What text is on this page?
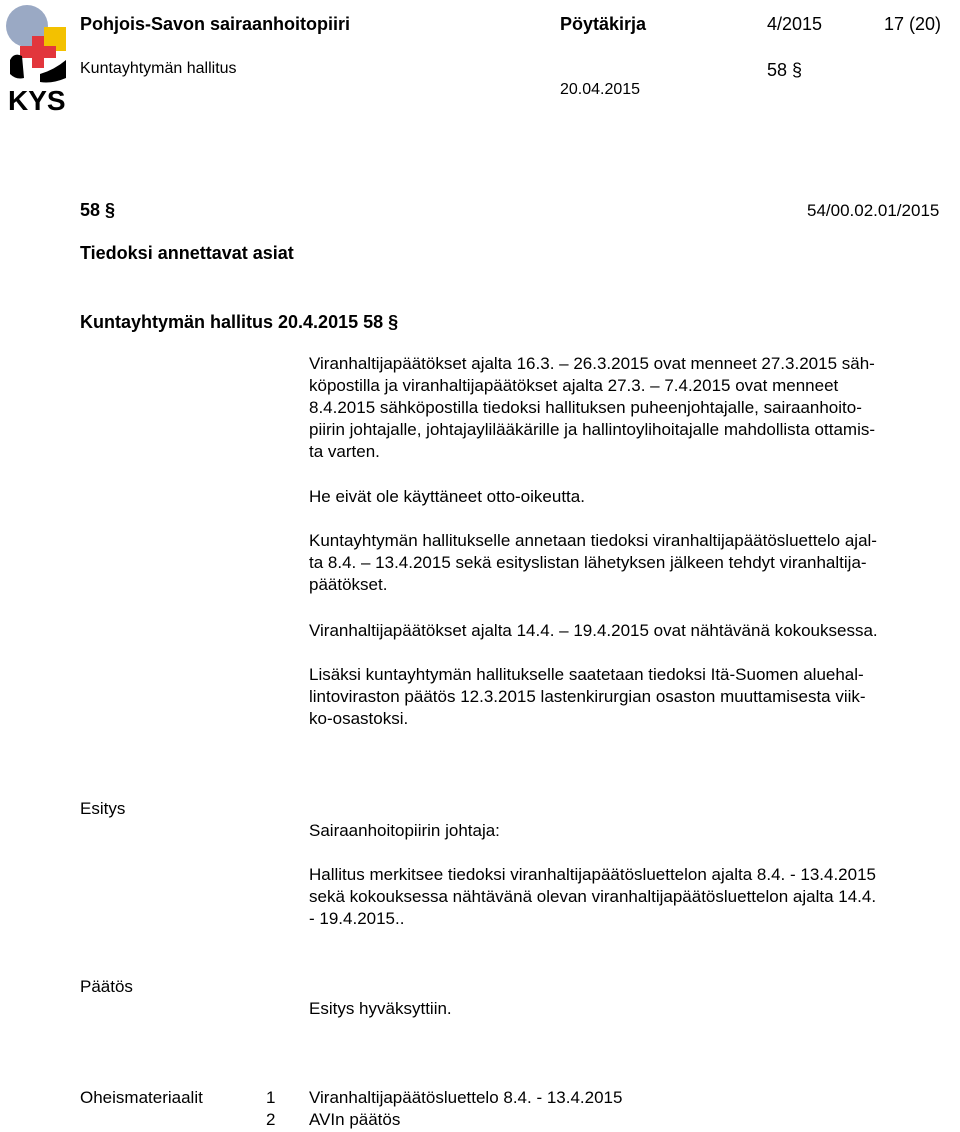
KYS
Pohjois-Savon sairaanhoitopiiri	Pöytäkirja	4/2015	17 (20)
Kuntayhtymän hallitus	58 §
20.04.2015
58 §	54/00.02.01/2015
Tiedoksi annettavat asiat
Kuntayhtymän hallitus 20.4.2015 58 §
Viranhaltijapäätökset ajalta 16.3. – 26.3.2015 ovat menneet 27.3.2015 säh-
köpostilla ja viranhaltijapäätökset ajalta 27.3. – 7.4.2015 ovat menneet
8.4.2015 sähköpostilla tiedoksi hallituksen puheenjohtajalle, sairaanhoito-
piirin johtajalle, johtajaylilääkärille ja hallintoylihoitajalle mahdollista ottamis-
ta varten.
He eivät ole käyttäneet otto-oikeutta.
Kuntayhtymän hallitukselle annetaan tiedoksi viranhaltijapäätösluettelo ajal-
ta 8.4. – 13.4.2015 sekä esityslistan lähetyksen jälkeen tehdyt viranhaltija-
päätökset.
Viranhaltijapäätökset ajalta 14.4. – 19.4.2015 ovat nähtävänä kokouksessa.
Lisäksi kuntayhtymän hallitukselle saatetaan tiedoksi Itä-Suomen aluehal-
lintoviraston päätös 12.3.2015 lastenkirurgian osaston muuttamisesta viik-
ko-osastoksi.
Esitys
Sairaanhoitopiirin johtaja:
Hallitus merkitsee tiedoksi viranhaltijapäätösluettelon ajalta 8.4. - 13.4.2015
sekä kokouksessa nähtävänä olevan viranhaltijapäätösluettelon ajalta 14.4.
- 19.4.2015..
Päätös
Esitys hyväksyttiin.
Oheismateriaalit	1 Viranhaltijapäätösluettelo 8.4. - 13.4.2015
2 AVIn päätös
